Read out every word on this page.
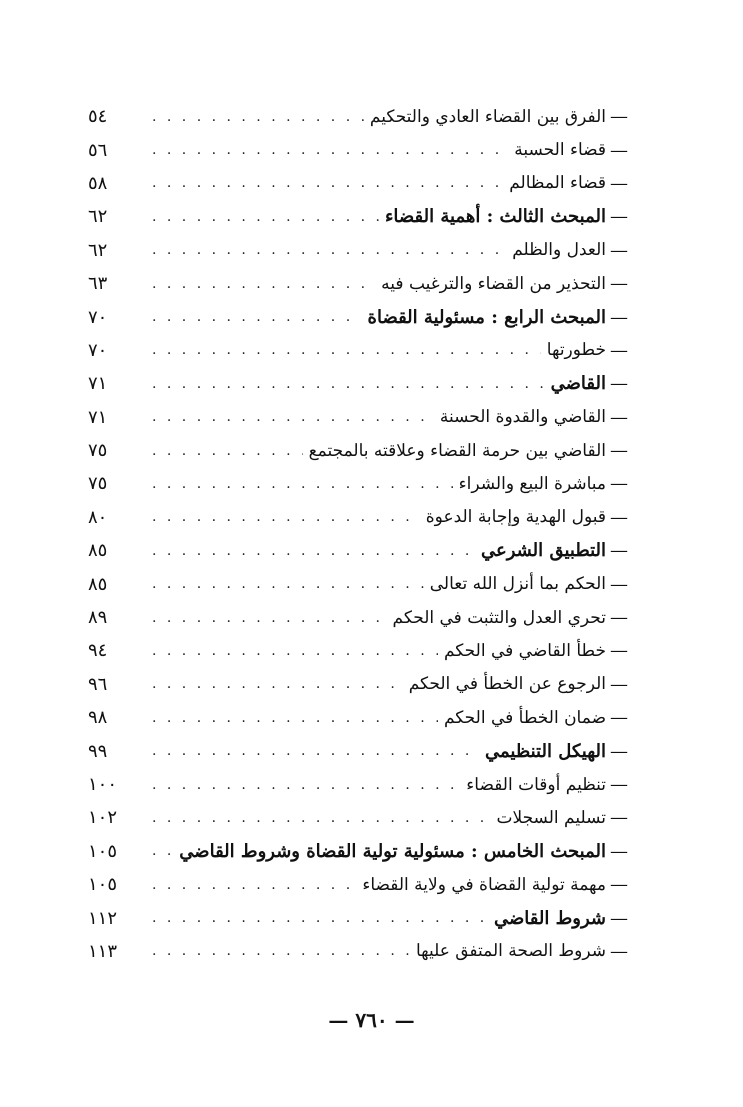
—
الفرق بين القضاء العادي والتحكيم
. . .
٥٤
—
قضاء الحسبة
. . .
٥٦
—
قضاء المظالم
. . .
٥٨
—
المبحث الثالث : أهمية القضاء
. . .
٦٢
—
العدل والظلم
. . .
٦٢
—
التحذير من القضاء والترغيب فيه
. . .
٦٣
—
المبحث الرابع : مسئولية القضاة
. . .
٧٠
—
خطورتها
. . .
٧٠
—
القاضي
. . .
٧١
—
القاضي والقدوة الحسنة
. . .
٧١
—
القاضي بين حرمة القضاء وعلاقته بالمجتمع
. . .
٧٥
—
مباشرة البيع والشراء
. . .
٧٥
—
قبول الهدية وإجابة الدعوة
. . .
٨٠
—
التطبيق الشرعي
. . .
٨٥
—
الحكم بما أنزل الله تعالى
. . .
٨٥
—
تحري العدل والتثبت في الحكم
. . .
٨٩
—
خطأ القاضي في الحكم
. . .
٩٤
—
الرجوع عن الخطأ في الحكم
. . .
٩٦
—
ضمان الخطأ في الحكم
. . .
٩٨
—
الهيكل التنظيمي
. . .
٩٩
—
تنظيم أوقات القضاء
. . .
١٠٠
—
تسليم السجلات
. . .
١٠٢
—
المبحث الخامس : مسئولية تولية القضاة وشروط القاضي
. . .
١٠٥
—
مهمة تولية القضاة في ولاية القضاء
. . .
١٠٥
—
شروط القاضي
. . .
١١٢
—
شروط الصحة المتفق عليها
. . .
١١٣
— ٧٦٠ —
